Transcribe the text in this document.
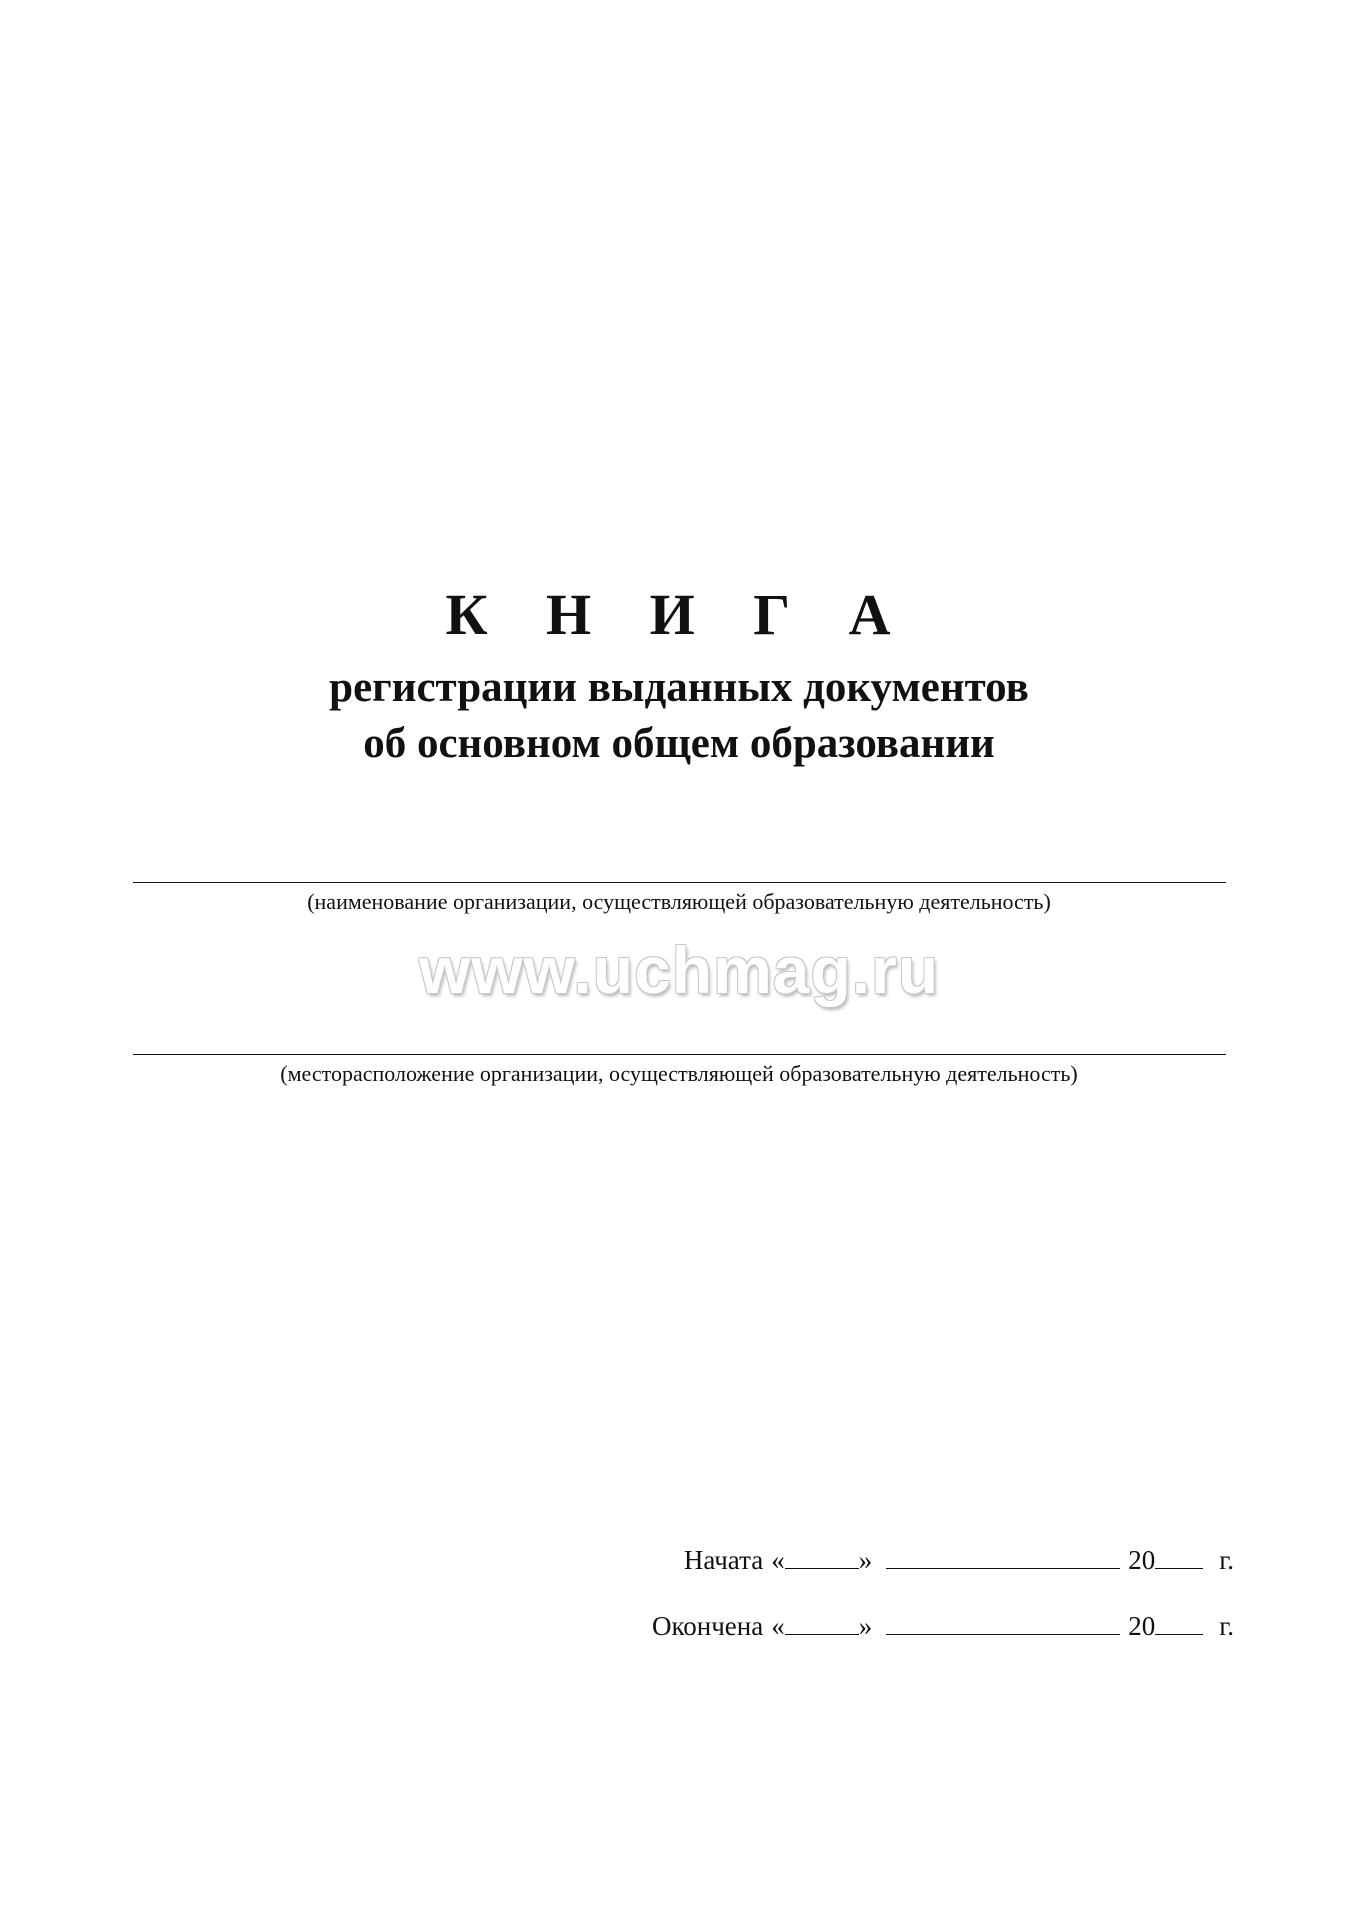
К Н И Г А
регистрации выданных документов
об основном общем образовании
(наименование организации, осуществляющей образовательную деятельность)
www.uchmag.ru
(месторасположение организации, осуществляющей образовательную деятельность)
Начата «	»	20 г.
Окончена «	»	20 г.
